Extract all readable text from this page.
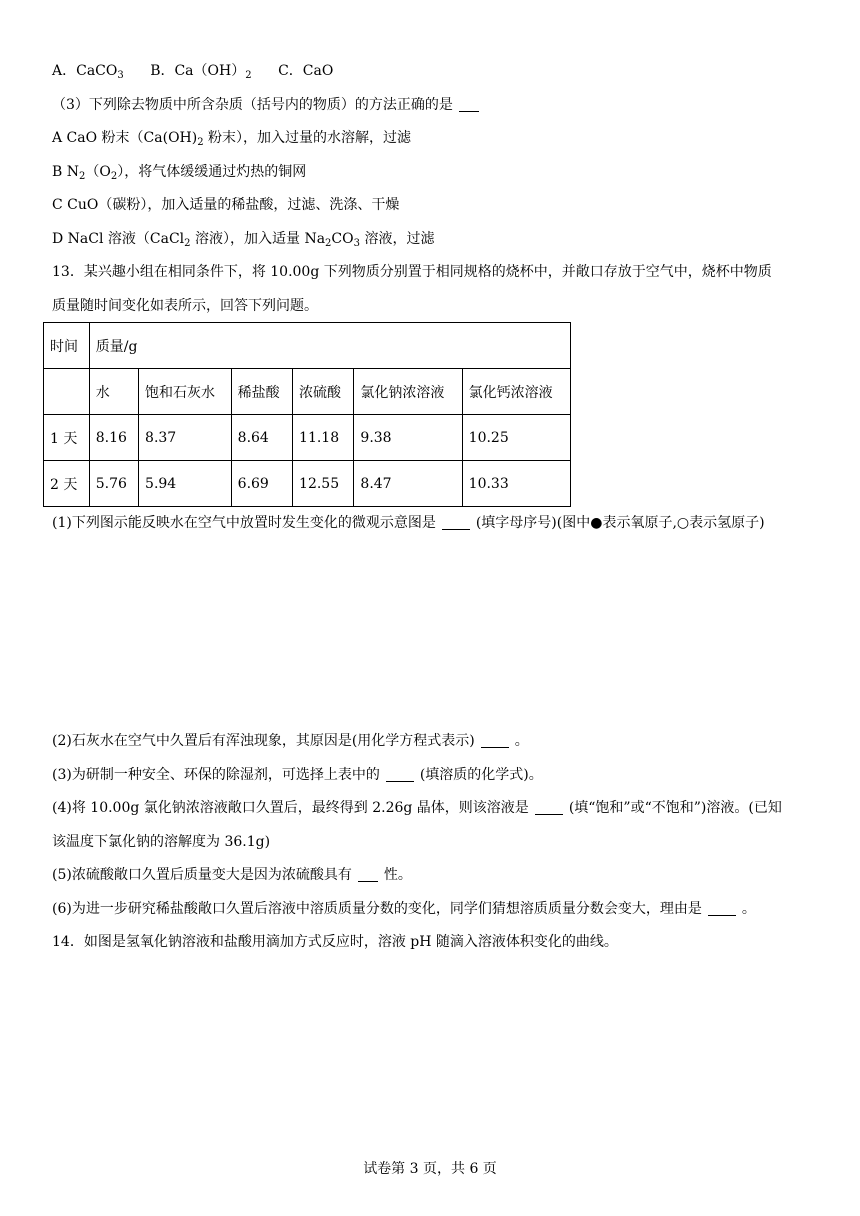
A．CaCO$_3$ B．$Ca(OH)_2$ C．CaO
（3）下列除去物质中所含杂质（括号内的物质）的方法正确的是
A CaO 粉末（$Ca(OH)_2$ 粉末），加入过量的水溶解，过滤
B $N_2(O_2)$，将气体缓缓通过灼热的铜网
C CuO（碳粉），加入适量的稀盐酸，过滤、洗涤、干燥
D NaCl 溶液（CaCl$_2$ 溶液），加入适量 $Na_2CO_3$ 溶液，过滤
13．某兴趣小组在相同条件下，将 10.00g 下列物质分别置于相同规格的烧杯中，并敞口存放于空气中，烧杯中物质
质量随时间变化如表所示，回答下列问题。
时间	质量/g					
	水	饱和石灰水	稀盐酸	浓硫酸	氯化钠浓溶液	氯化钙浓溶液
1 天	8.16	8.37	8.64	11.18	9.38	10.25
2 天	5.76	5.94	6.69	12.55	8.47	10.33
(1)下列图示能反映水在空气中放置时发生变化的微观示意图是	(填字母序号)(图中●表示氧原子,○表示氢原子)
(2)石灰水在空气中久置后有浑浊现象，其原因是(用化学方程式表示)	。
(3)为研制一种安全、环保的除湿剂，可选择上表中的	(填溶质的化学式)。
(4)将 10.00g 氯化钠浓溶液敞口久置后，最终得到 2.26g 晶体，则该溶液是	(填“饱和”或“不饱和”)溶液。(已知
该温度下氯化钠的溶解度为 36.1g)
(5)浓硫酸敞口久置后质量变大是因为浓硫酸具有 性。
(6)为进一步研究稀盐酸敞口久置后溶液中溶质质量分数的变化，同学们猜想溶质质量分数会变大，理由是	。
14．如图是氢氧化钠溶液和盐酸用滴加方式反应时，溶液 pH 随滴入溶液体积变化的曲线。
试卷第 3 页，共 6 页
